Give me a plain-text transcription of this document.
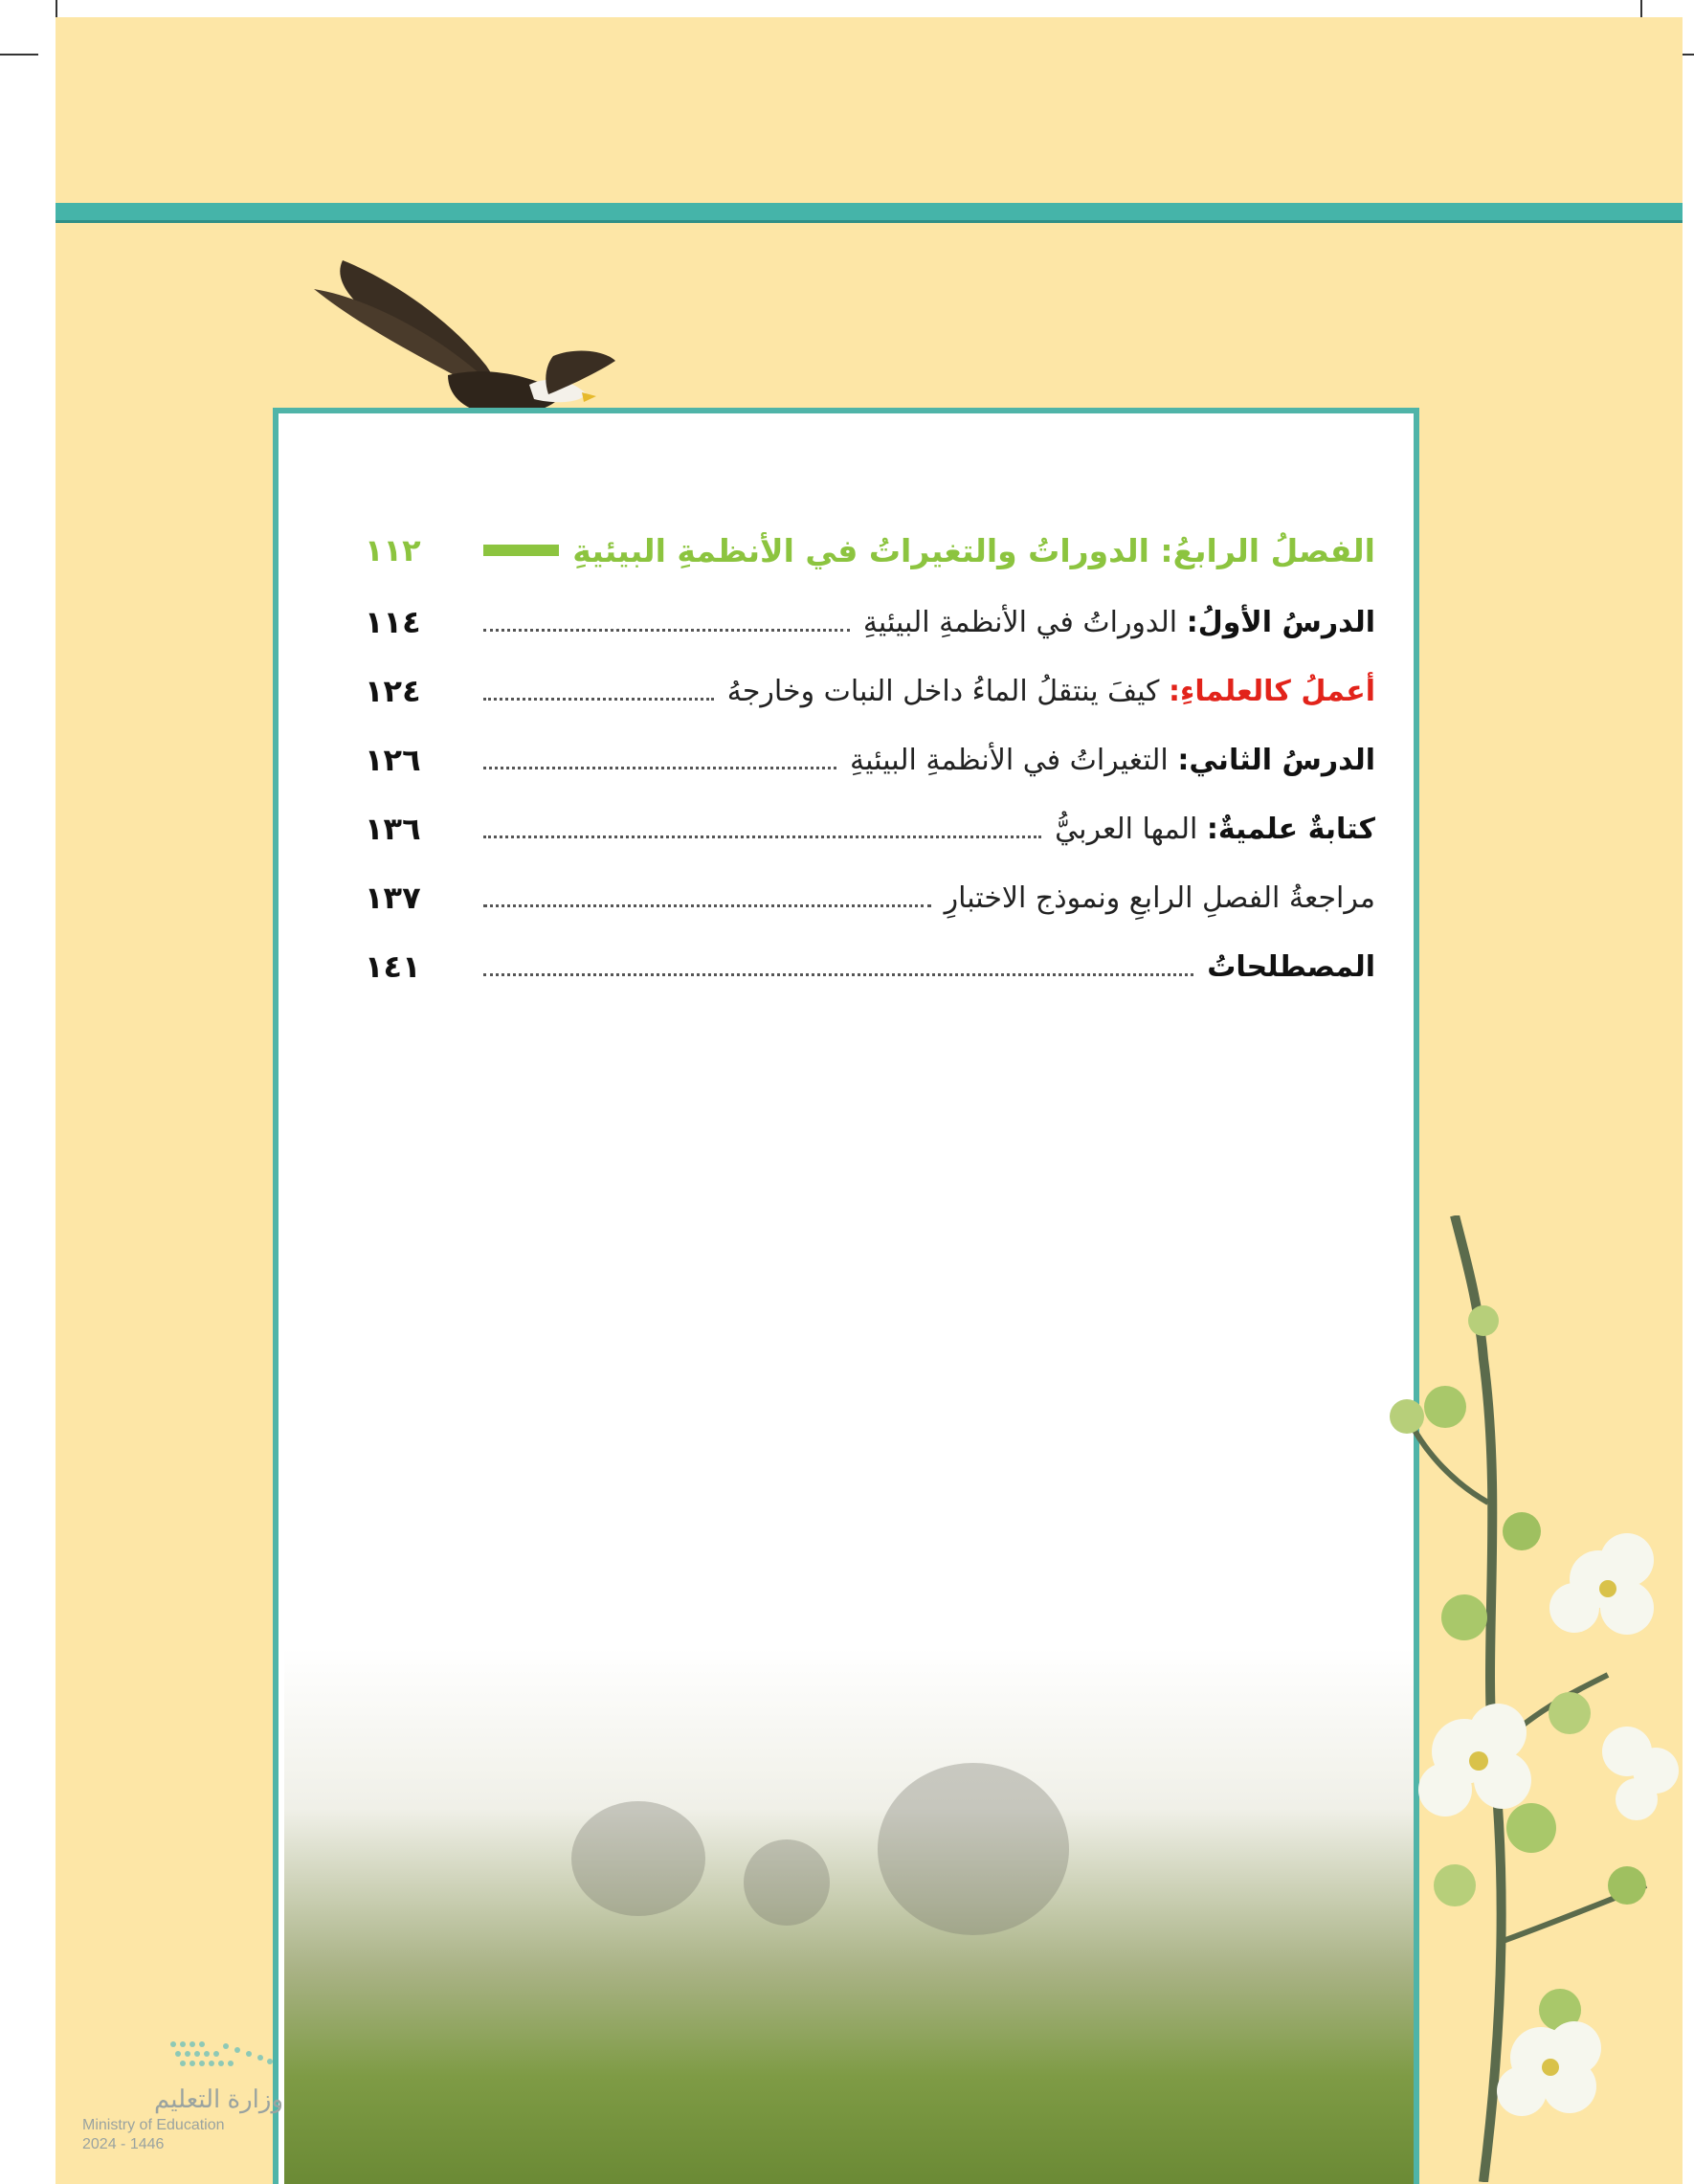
الفصلُ الرابعُ: الدوراتُ والتغيراتُ في الأنظمةِ البيئيةِ
١١٢
الدرسُ الأولُ: الدوراتُ في الأنظمةِ البيئيةِ
١١٤
أعملُ كالعلماءِ: كيفَ ينتقلُ الماءُ داخل النبات وخارجهُ
١٢٤
الدرسُ الثاني: التغيراتُ في الأنظمةِ البيئيةِ
١٢٦
كتابةٌ علميةٌ: المها العربيُّ
١٣٦
مراجعةُ الفصلِ الرابعِ ونموذج الاختبارِ
١٣٧
المصطلحاتُ
١٤١
وزارة التعليم
Ministry of Education
2024 - 1446
